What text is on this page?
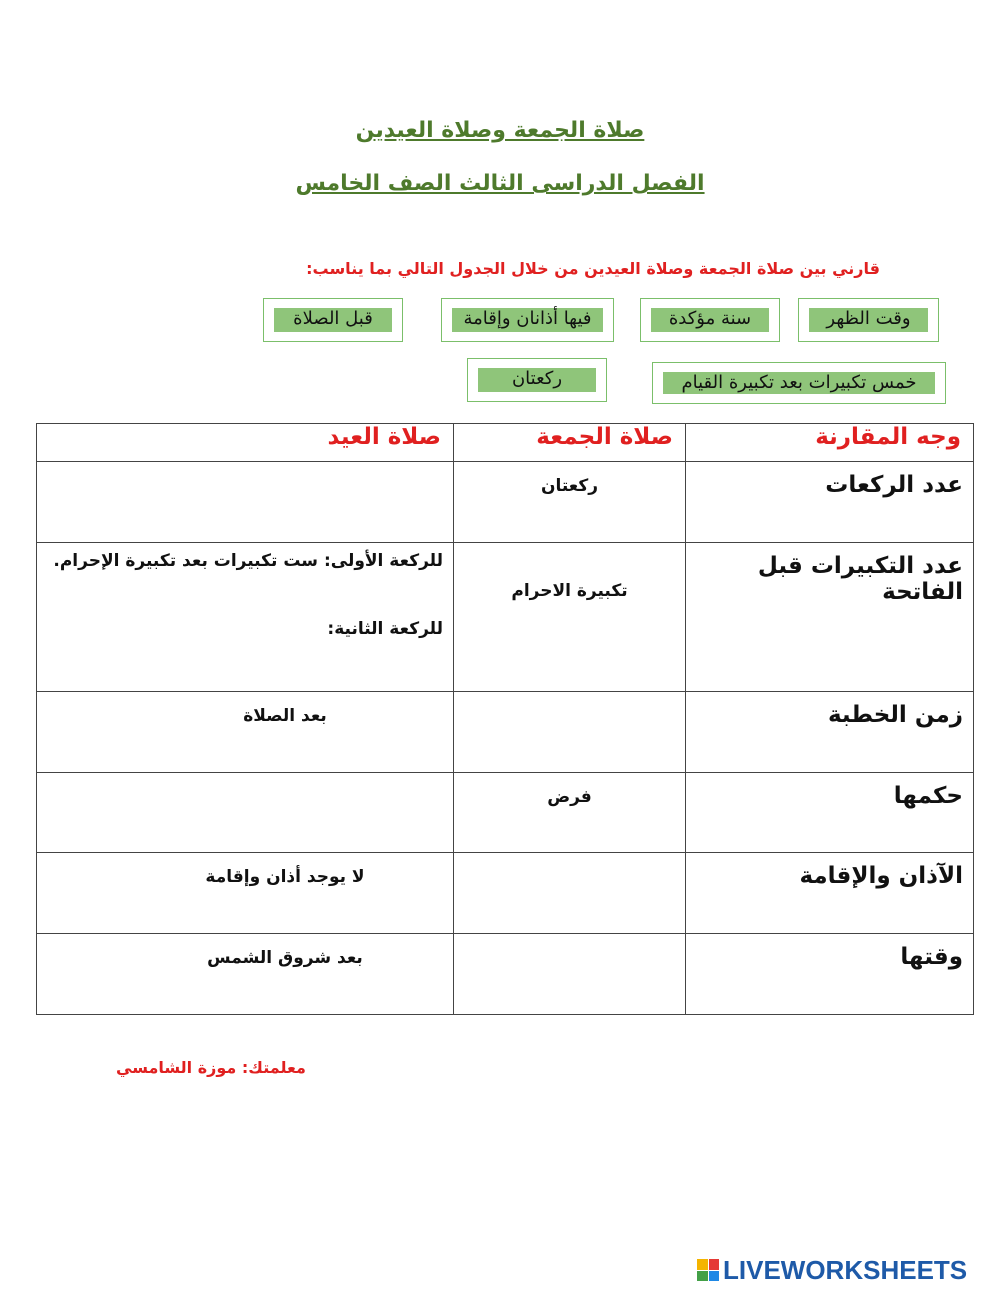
صلاة الجمعة وصلاة العيدين
الفصل الدراسى الثالث الصف الخامس
قارني بين صلاة الجمعة وصلاة العيدين من خلال الجدول التالي بما يناسب:
وقت الظهر
سنة مؤكدة
فيها أذانان وإقامة
قبل الصلاة
خمس تكبيرات بعد تكبيرة القيام
ركعتان
وجه المقارنة	صلاة الجمعة	صلاة العيد
عدد الركعات	ركعتان	
عدد التكبيرات قبل الفاتحة	تكبيرة الاحرام	للركعة الأولى: ست تكبيرات بعد تكبيرة الإحرام.
للركعة الثانية:

زمن الخطبة		بعد الصلاة
حكمها	فرض	
الآذان والإقامة		لا يوجد أذان وإقامة
وقتها		بعد شروق الشمس
معلمتك: موزة الشامسي
LIVEWORKSHEETS
